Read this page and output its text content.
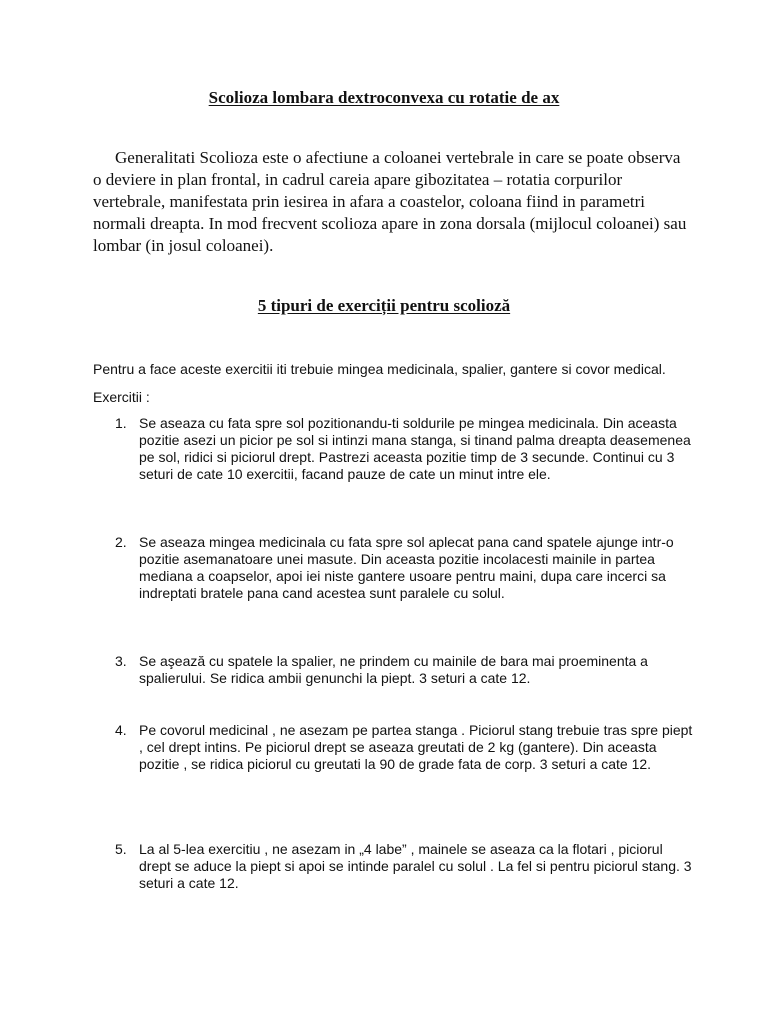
Scolioza lombara dextroconvexa cu rotatie de ax

Generalitati Scolioza este o afectiune a coloanei vertebrale in care se poate observa o deviere in plan frontal, in cadrul careia apare gibozitatea – rotatia corpurilor vertebrale, manifestata prin iesirea in afara a coastelor, coloana fiind in parametri normali dreapta. In mod frecvent scolioza apare in zona dorsala (mijlocul coloanei) sau lombar (in josul coloanei).

5 tipuri de exerciții pentru scolioză

Pentru a face aceste exercitii iti trebuie mingea medicinala, spalier, gantere si covor medical.

Exercitii :

1. Se aseaza cu fata spre sol pozitionandu-ti soldurile pe mingea medicinala. Din aceasta pozitie asezi un picior pe sol si intinzi mana stanga, si tinand palma dreapta deasemenea pe sol, ridici si piciorul drept. Pastrezi aceasta pozitie timp de 3 secunde. Continui cu 3 seturi de cate 10 exercitii, facand pauze de cate un minut intre ele.
2. Se aseaza mingea medicinala cu fata spre sol aplecat pana cand spatele ajunge intr-o pozitie asemanatoare unei masute. Din aceasta pozitie incolacesti mainile in partea mediana a coapselor, apoi iei niste gantere usoare pentru maini, dupa care incerci sa indreptati bratele pana cand acestea sunt paralele cu solul.
3. Se aşează cu spatele la spalier, ne prindem cu mainile de bara mai proeminenta a spalierului. Se ridica ambii genunchi la piept. 3 seturi a cate 12.
4. Pe covorul medicinal , ne asezam pe partea stanga . Piciorul stang trebuie tras spre piept , cel drept intins. Pe piciorul drept se aseaza greutati de 2 kg (gantere). Din aceasta pozitie , se ridica piciorul cu greutati la 90 de grade fata de corp. 3 seturi a cate 12.
5. La al 5-lea exercitiu , ne asezam in „4 labe” , mainele se aseaza ca la flotari , piciorul drept se aduce la piept si apoi se intinde paralel cu solul . La fel si pentru piciorul stang. 3 seturi a cate 12.
